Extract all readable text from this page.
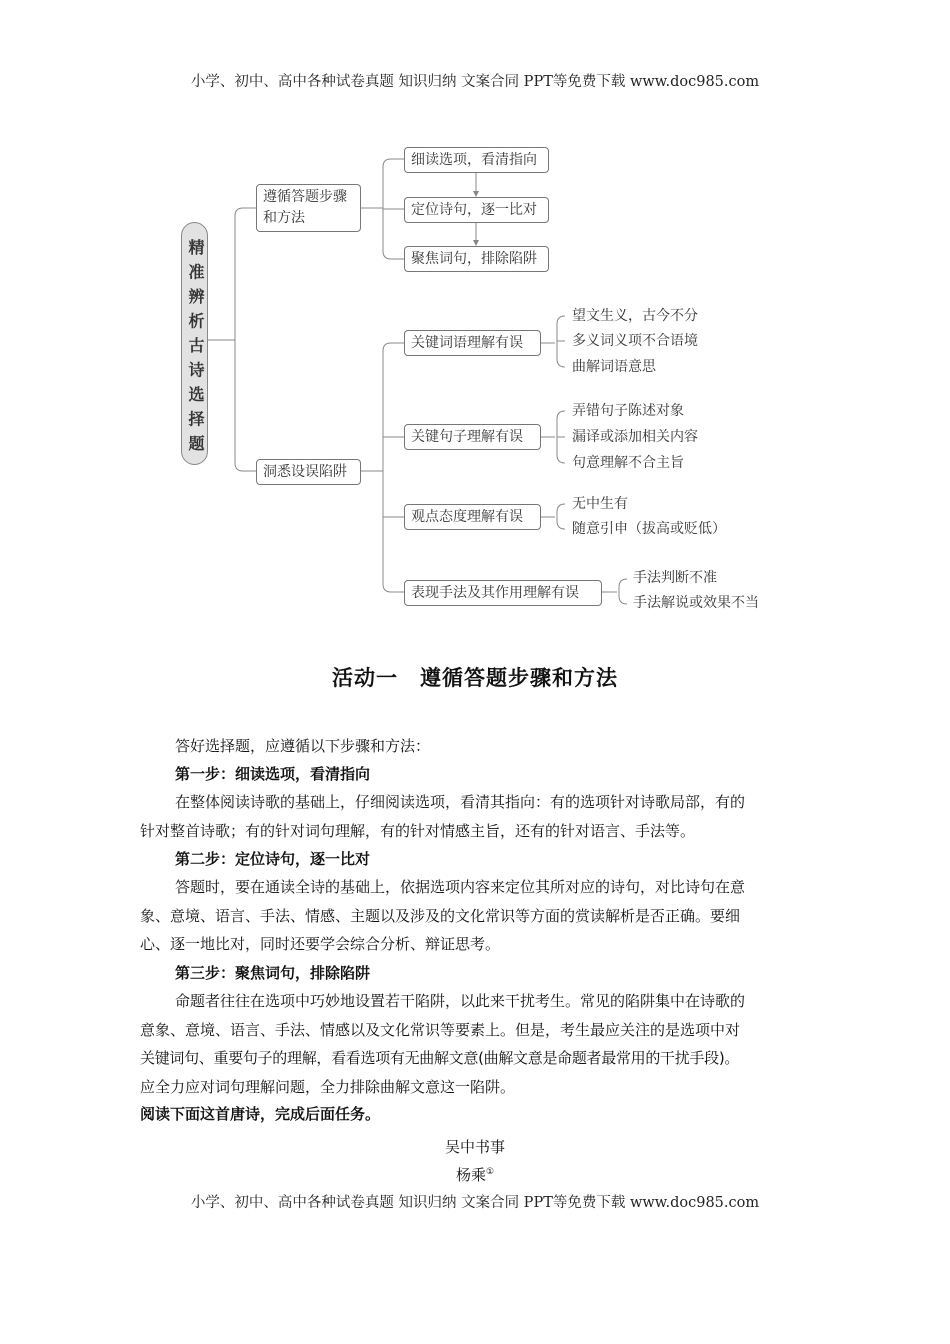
小学、初中、高中各种试卷真题 知识归纳 文案合同 PPT等免费下载 www.doc985.com
精准辨析古诗选择题
遵循答题步骤
和方法
细读选项，看清指向
定位诗句，逐一比对
聚焦词句，排除陷阱
洞悉设误陷阱
关键词语理解有误
望文生义，古今不分
多义词义项不合语境
曲解词语意思
关键句子理解有误
弄错句子陈述对象
漏译或添加相关内容
句意理解不合主旨
观点态度理解有误
无中生有
随意引申（拔高或贬低）
表现手法及其作用理解有误
手法判断不准
手法解说或效果不当
活动一　遵循答题步骤和方法
答好选择题，应遵循以下步骤和方法：
第一步：细读选项，看清指向
在整体阅读诗歌的基础上，仔细阅读选项，看清其指向：有的选项针对诗歌局部，有的
针对整首诗歌；有的针对词句理解，有的针对情感主旨，还有的针对语言、手法等。
第二步：定位诗句，逐一比对
答题时，要在通读全诗的基础上，依据选项内容来定位其所对应的诗句，对比诗句在意
象、意境、语言、手法、情感、主题以及涉及的文化常识等方面的赏读解析是否正确。要细
心、逐一地比对，同时还要学会综合分析、辩证思考。
第三步：聚焦词句，排除陷阱
命题者往往在选项中巧妙地设置若干陷阱，以此来干扰考生。常见的陷阱集中在诗歌的
意象、意境、语言、手法、情感以及文化常识等要素上。但是，考生最应关注的是选项中对
关键词句、重要句子的理解，看看选项有无曲解文意(曲解文意是命题者最常用的干扰手段)。
应全力应对词句理解问题，全力排除曲解文意这一陷阱。
阅读下面这首唐诗，完成后面任务。
吴中书事
杨乘①
小学、初中、高中各种试卷真题 知识归纳 文案合同 PPT等免费下载 www.doc985.com
